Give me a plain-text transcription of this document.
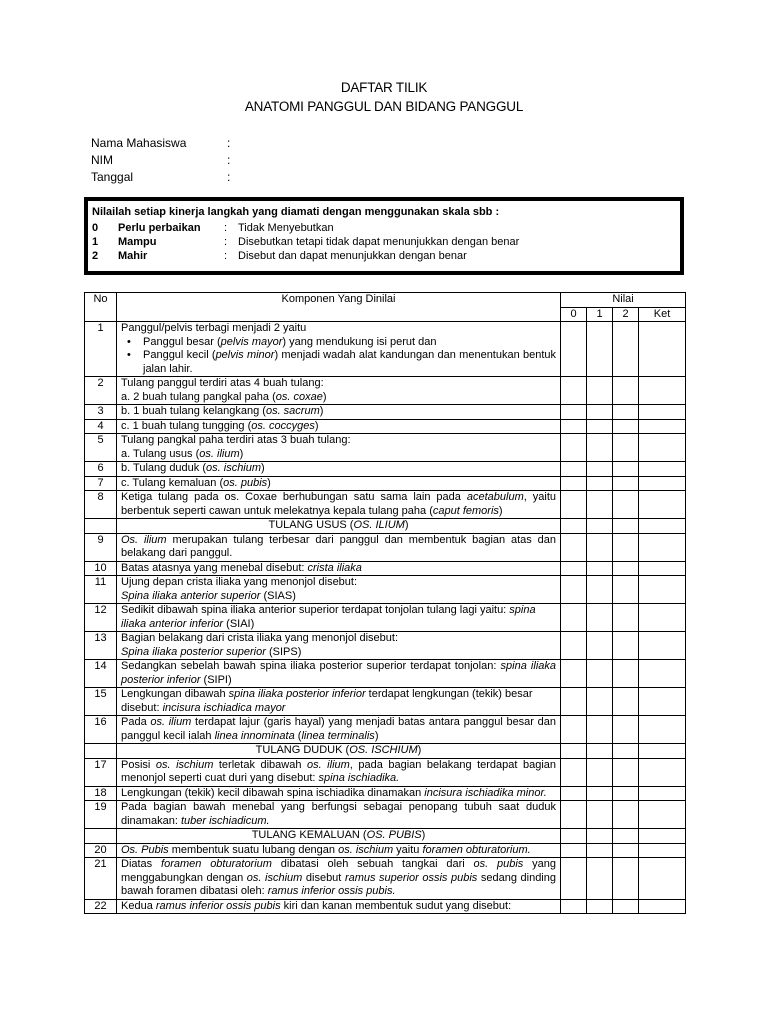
DAFTAR TILIK
ANATOMI PANGGUL DAN BIDANG PANGGUL
Nama Mahasiswa	:
NIM	:
Tanggal	:
Nilailah setiap kinerja langkah yang diamati dengan menggunakan skala sbb :
0	Perlu perbaikan	: Tidak Menyebutkan
1	Mampu	: Disebutkan tetapi tidak dapat menunjukkan dengan benar
2	Mahir	: Disebut dan dapat menunjukkan dengan benar
No	Komponen Yang Dinilai	Nilai			
		0	1	2	Ket
1	Panggul/pelvis terbagi menjadi 2 yaitu
• Panggul besar (pelvis mayor) yang mendukung isi perut dan
• Panggul kecil (pelvis minor) menjadi wadah alat kandungan dan menentukan bentuk jalan lahir.

2	Tulang panggul terdiri atas 4 buah tulang:
a. 2 buah tulang pangkal paha (os. coxae)				
3	b. 1 buah tulang kelangkang (os. sacrum)				
4	c. 1 buah tulang tungging (os. coccyges)				
5	Tulang pangkal paha terdiri atas 3 buah tulang:
a. Tulang usus (os. ilium)				
6	b. Tulang duduk (os. ischium)				
7	c. Tulang kemaluan (os. pubis)				
8	Ketiga tulang pada os. Coxae berhubungan satu sama lain pada acetabulum, yaitu berbentuk seperti cawan untuk melekatnya kepala tulang paha (caput femoris)				
	TULANG USUS (OS. ILIUM)				
9	Os. ilium merupakan tulang terbesar dari panggul dan membentuk bagian atas dan belakang dari panggul.				
10	Batas atasnya yang menebal disebut: crista iliaka				
11	Ujung depan crista iliaka yang menonjol disebut:
Spina iliaka anterior superior (SIAS)				
12	Sedikit dibawah spina iliaka anterior superior terdapat tonjolan tulang lagi yaitu: spina iliaka anterior inferior (SIAI)				
13	Bagian belakang dari crista iliaka yang menonjol disebut:
Spina iliaka posterior superior (SIPS)				
14	Sedangkan sebelah bawah spina iliaka posterior superior terdapat tonjolan: spina iliaka posterior inferior (SIPI)				
15	Lengkungan dibawah spina iliaka posterior inferior terdapat lengkungan (tekik) besar disebut: incisura ischiadica mayor				
16	Pada os. ilium terdapat lajur (garis hayal) yang menjadi batas antara panggul besar dan panggul kecil ialah linea innominata (linea terminalis)				
	TULANG DUDUK (OS. ISCHIUM)				
17	Posisi os. ischium terletak dibawah os. ilium, pada bagian belakang terdapat bagian menonjol seperti cuat duri yang disebut: spina ischiadika.				
18	Lengkungan (tekik) kecil dibawah spina ischiadika dinamakan incisura ischiadika minor.				
19	Pada bagian bawah menebal yang berfungsi sebagai penopang tubuh saat duduk dinamakan: tuber ischiadicum.				
	TULANG KEMALUAN (OS. PUBIS)				
20	Os. Pubis membentuk suatu lubang dengan os. ischium yaitu foramen obturatorium.				
21	Diatas foramen obturatorium dibatasi oleh sebuah tangkai dari os. pubis yang menggabungkan dengan os. ischium disebut ramus superior ossis pubis sedang dinding bawah foramen dibatasi oleh: ramus inferior ossis pubis.				
22	Kedua ramus inferior ossis pubis kiri dan kanan membentuk sudut yang disebut:				
